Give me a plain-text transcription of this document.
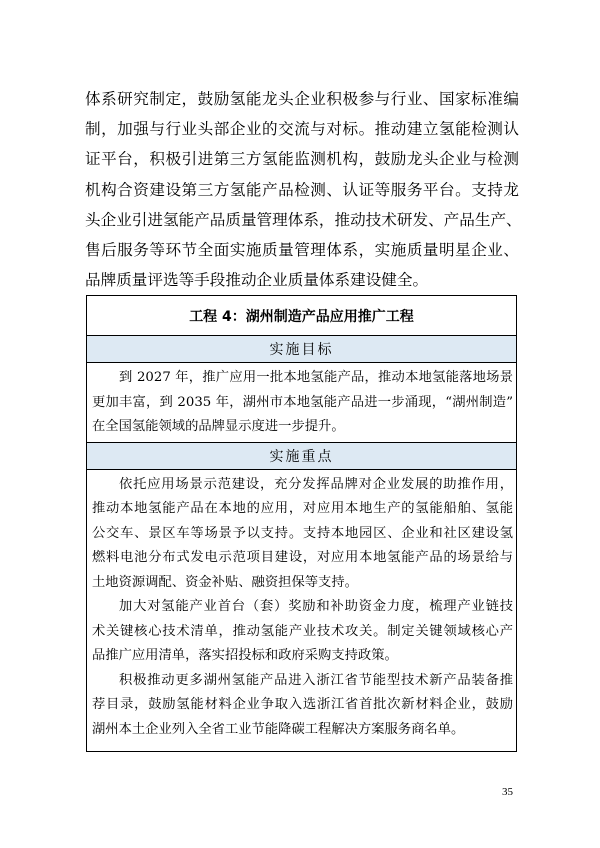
体系研究制定，鼓励氢能龙头企业积极参与行业、国家标准编
制，加强与行业头部企业的交流与对标。推动建立氢能检测认
证平台，积极引进第三方氢能监测机构，鼓励龙头企业与检测
机构合资建设第三方氢能产品检测、认证等服务平台。支持龙
头企业引进氢能产品质量管理体系，推动技术研发、产品生产、
售后服务等环节全面实施质量管理体系，实施质量明星企业、
品牌质量评选等手段推动企业质量体系建设健全。
工程 4：湖州制造产品应用推广工程
实施目标
到 2027 年，推广应用一批本地氢能产品，推动本地氢能落地场景
更加丰富，到 2035 年，湖州市本地氢能产品进一步涌现，“湖州制造”
在全国氢能领域的品牌显示度进一步提升。
实施重点
依托应用场景示范建设，充分发挥品牌对企业发展的助推作用，
推动本地氢能产品在本地的应用，对应用本地生产的氢能船舶、氢能
公交车、景区车等场景予以支持。支持本地园区、企业和社区建设氢
燃料电池分布式发电示范项目建设，对应用本地氢能产品的场景给与
土地资源调配、资金补贴、融资担保等支持。
加大对氢能产业首台（套）奖励和补助资金力度，梳理产业链技
术关键核心技术清单，推动氢能产业技术攻关。制定关键领域核心产
品推广应用清单，落实招投标和政府采购支持政策。
积极推动更多湖州氢能产品进入浙江省节能型技术新产品装备推
荐目录，鼓励氢能材料企业争取入选浙江省首批次新材料企业，鼓励
湖州本土企业列入全省工业节能降碳工程解决方案服务商名单。
35
